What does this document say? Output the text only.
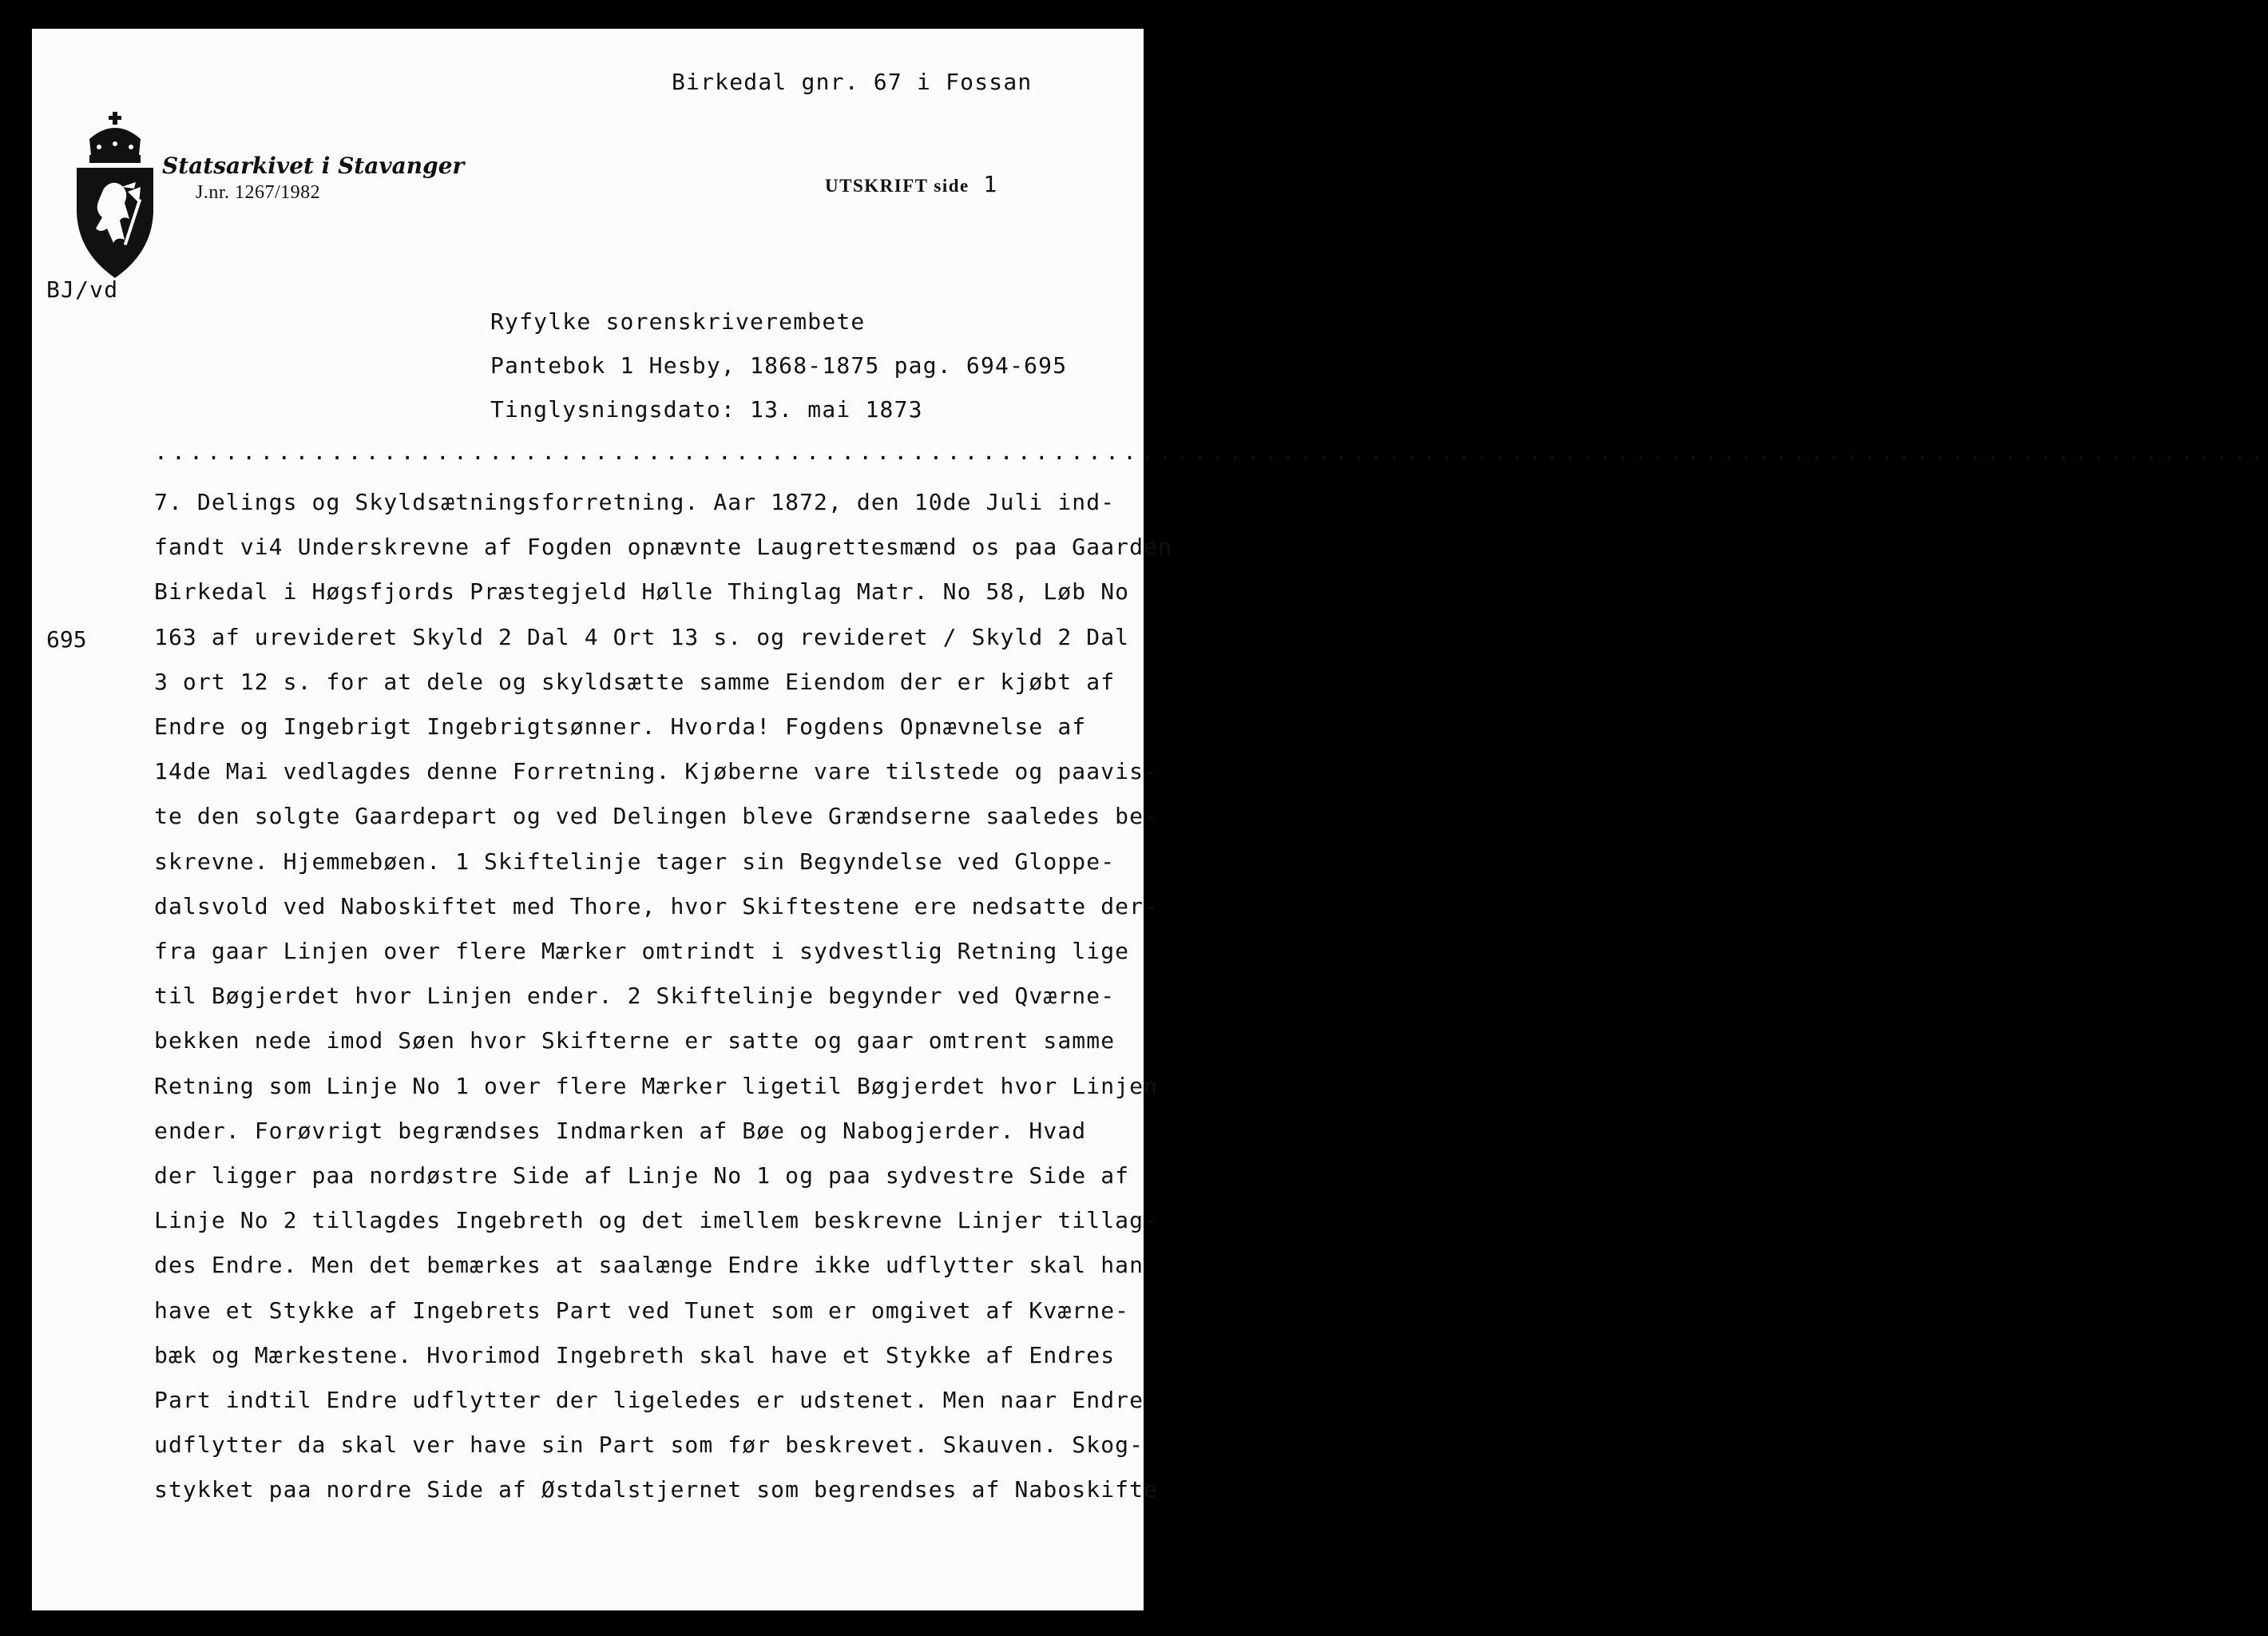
Birkedal gnr. 67 i Fossan
Statsarkivet i Stavanger
J.nr. 1267/1982	UTSKRIFT side 1
BJ/vd
Ryfylke sorenskriverembete
Pantebok 1 Hesby, 1868-1875 pag. 694-695
Tinglysningsdato: 13. mai 1873
........................................................................................................................
695
7. Delings og Skyldsætningsforretning. Aar 1872, den 10de Juli ind-
fandt vi4 Underskrevne af Fogden opnævnte Laugrettesmænd os paa Gaarden
Birkedal i Høgsfjords Præstegjeld Hølle Thinglag Matr. No 58, Løb No
163 af urevideret Skyld 2 Dal 4 Ort 13 s. og revideret / Skyld 2 Dal
3 ort 12 s. for at dele og skyldsætte samme Eiendom der er kjøbt af
Endre og Ingebrigt Ingebrigtsønner. Hvorda! Fogdens Opnævnelse af
14de Mai vedlagdes denne Forretning. Kjøberne vare tilstede og paavis-
te den solgte Gaardepart og ved Delingen bleve Grændserne saaledes be-
skrevne. Hjemmebøen. 1 Skiftelinje tager sin Begyndelse ved Gloppe-
dalsvold ved Naboskiftet med Thore, hvor Skiftestene ere nedsatte der-
fra gaar Linjen over flere Mærker omtrindt i sydvestlig Retning lige
til Bøgjerdet hvor Linjen ender. 2 Skiftelinje begynder ved Qværne-
bekken nede imod Søen hvor Skifterne er satte og gaar omtrent samme
Retning som Linje No 1 over flere Mærker ligetil Bøgjerdet hvor Linjen
ender. Forøvrigt begrændses Indmarken af Bøe og Nabogjerder. Hvad
der ligger paa nordøstre Side af Linje No 1 og paa sydvestre Side af
Linje No 2 tillagdes Ingebreth og det imellem beskrevne Linjer tillag-
des Endre. Men det bemærkes at saalænge Endre ikke udflytter skal han
have et Stykke af Ingebrets Part ved Tunet som er omgivet af Kværne-
bæk og Mærkestene. Hvorimod Ingebreth skal have et Stykke af Endres
Part indtil Endre udflytter der ligeledes er udstenet. Men naar Endre
udflytter da skal ver have sin Part som før beskrevet. Skauven. Skog-
stykket paa nordre Side af Østdalstjernet som begrendses af Naboskifte
